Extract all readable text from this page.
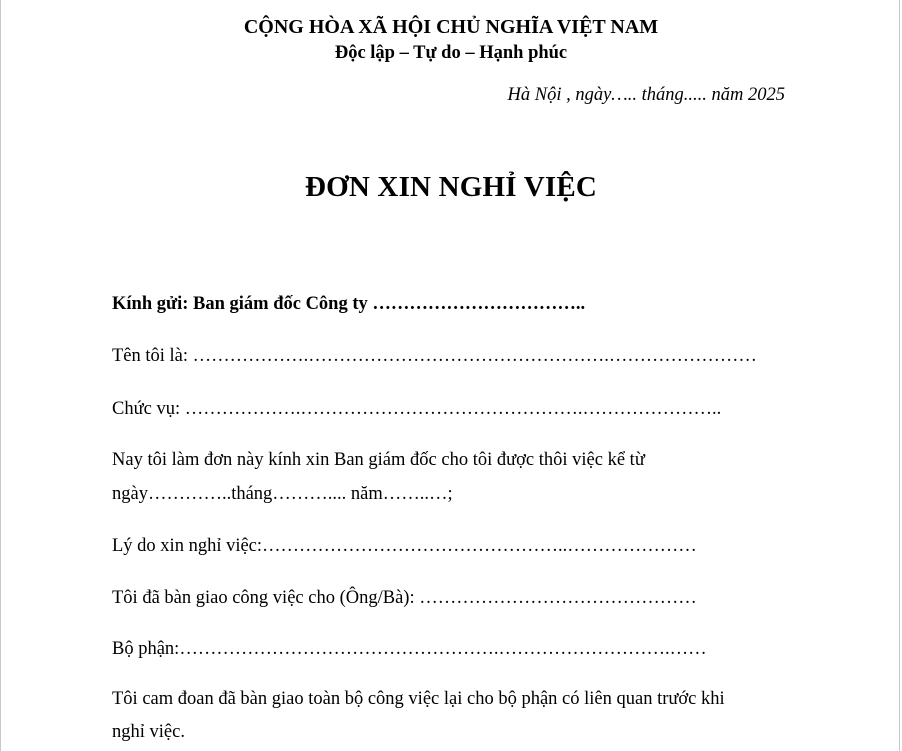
CỘNG HÒA XÃ HỘI CHỦ NGHĨA VIỆT NAM
Độc lập – Tự do – Hạnh phúc
Hà Nội , ngày….. tháng..... năm 2025
ĐƠN XIN NGHỈ VIỆC
Kính gửi: Ban giám đốc Công ty ……………………………..
Tên tôi là: ……………….………………………………………….……………………
Chức vụ: ……………….……………………………………….…………………..
Nay tôi làm đơn này kính xin Ban giám đốc cho tôi được thôi việc kể từ
ngày…………..tháng……….... năm……..…;
Lý do xin nghỉ việc:…………………………………………..…………………
Tôi đã bàn giao công việc cho (Ông/Bà): ………………………………………
Bộ phận:…………………………………………….……………………….……
Tôi cam đoan đã bàn giao toàn bộ công việc lại cho bộ phận có liên quan trước khi
nghỉ việc.
